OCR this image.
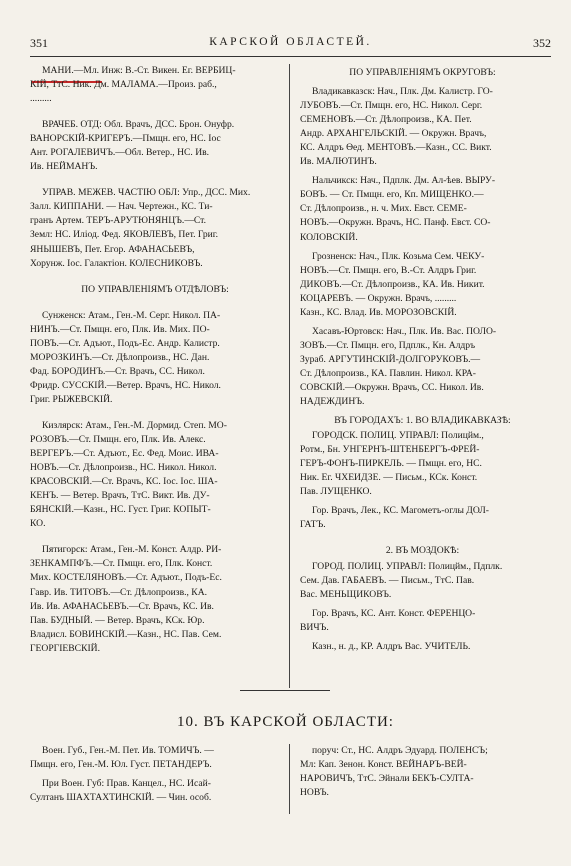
351	КАРСКОЙ ОБЛАСТЕЙ.	352
МАНИ.—Мл. Инж: В.-Ст. Викен. Ег. ВЕРБИЦ-
КІЙ, ТтС. Ник. Дм. МАЛАМА.—Произ. раб.,
.........
ВРАЧЕБ. ОТД: Обл. Врачъ, ДСС. Брон. Онуфр.
ВАНОРСКІЙ-КРИГЕРЪ.—Пмщн. его, НС. Іос
Ант. РОГАЛЕВИЧЪ.—Обл. Ветер., НС. Ив.
Ив. НЕЙМАНЪ.
УПРАВ. МЕЖЕВ. ЧАСТІЮ ОБЛ: Упр., ДСС. Мих.
Залл. КИППАНИ. — Нач. Чертежн., КС. Ти-
гранъ Артем. ТЕРЪ-АРУТЮНЯНЦЪ.—Ст.
Земл: НС. Иліод. Фед. ЯКОВЛЕВЪ, Пет. Григ.
ЯНЫШЕВЪ, Пет. Егор. АФАНАСЬЕВЪ,
Хорунж. Іос. Галактіон. КОЛЕСНИКОВЪ.
ПО УПРАВЛЕНІЯМЪ ОТДѢЛОВЪ:
Сунженск: Атам., Ген.-М. Серг. Никол. ПА-
НИНЪ.—Ст. Пмщн. его, Плк. Ив. Мих. ПО-
ПОВЪ.—Ст. Адъют., Подъ-Ес. Андр. Калистр.
МОРОЗКИНЪ.—Ст. Дѣлопроизв., НС. Дан.
Фад. БОРОДИНЪ.—Ст. Врачъ, СС. Никол.
Фридр. СУССКІЙ.—Ветер. Врачъ, НС. Никол.
Григ. РЫЖЕВСКІЙ.
Кизлярск: Атам., Ген.-М. Дормид. Степ. МО-
РОЗОВЪ.—Ст. Пмщн. его, Плк. Ив. Алекс.
ВЕРГЕРЪ.—Ст. Адъют., Ес. Фед. Моис. ИВА-
НОВЪ.—Ст. Дѣлопроизв., НС. Никол. Никол.
КРАСОВСКІЙ.—Ст. Врачъ, КС. Іос. Іос. ША-
КЕНЪ. — Ветер. Врачъ, ТтС. Викт. Ив. ДУ-
БЯНСКІЙ.—Казн., НС. Густ. Григ. КОПЫТ-
КО.
Пятигорск: Атам., Ген.-М. Конст. Алдр. РИ-
ЗЕНКАМПФЪ.—Ст. Пмщн. его, Плк. Конст.
Мих. КОСТЕЛЯНОВЪ.—Ст. Адъют., Подъ-Ес.
Гавр. Ив. ТИТОВЪ.—Ст. Дѣлопроизв., КА.
Ив. Ив. АФАНАСЬЕВЪ.—Ст. Врачъ, КС. Ив.
Пав. БУДНЫЙ. — Ветер. Врачъ, КСк. Юр.
Владисл. БОВИНСКІЙ.—Казн., НС. Пав. Сем.
ГЕОРГІЕВСКІЙ.
ПО УПРАВЛЕНІЯМЪ ОКРУГОВЪ:
Владикавказск: Нач., Плк. Дм. Калистр. ГО-
ЛУБОВЪ.—Ст. Пмщн. его, НС. Никол. Серг.
СЕМЕНОВЪ.—Ст. Дѣлопроизв., КА. Пет.
Андр. АРХАНГЕЛЬСКІЙ. — Окружн. Врачъ,
КС. Алдръ Ѳед. МЕНТОВЪ.—Казн., СС. Викт.
Ив. МАЛЮТИНЪ.
Нальчикск: Нач., Пдплк. Дм. Ал-ѣев. ВЫРУ-
БОВЪ. — Ст. Пмщн. его, Кп. МИЩЕНКО.—
Ст. Дѣлопроизв., н. ч. Мих. Евст. СЕМЕ-
НОВЪ.—Окружн. Врачъ, НС. Панф. Евст. СО-
КОЛОВСКІЙ.
Грозненск: Нач., Плк. Козьма Сем. ЧЕКУ-
НОВЪ.—Ст. Пмщн. его, В.-Ст. Алдръ Григ.
ДИКОВЪ.—Ст. Дѣлопроизв., КА. Ив. Никит.
КОЦАРЕВЪ. — Окружн. Врачъ, .........
Казн., КС. Влад. Ив. МОРОЗОВСКІЙ.
Хасавъ-Юртовск: Нач., Плк. Ив. Вас. ПОЛО-
ЗОВЪ.—Ст. Пмщн. его, Пдплк., Кн. Алдръ
Зураб. АРГУТИНСКІЙ-ДОЛГОРУКОВЪ.—
Ст. Дѣлопроизв., КА. Павлин. Никол. КРА-
СОВСКІЙ.—Окружн. Врачъ, СС. Никол. Ив.
НАДЕЖДИНЪ.
ВЪ ГОРОДАХЪ: 1. ВО ВЛАДИКАВКАЗѢ:
ГОРОДСК. ПОЛИЦ. УПРАВЛ: Полицйм.,
Ротм., Бн. УНГЕРНЪ-ШТЕНБЕРГЪ-ФРЕЙ-
ГЕРЪ-ФОНЪ-ПИРКЕЛЬ. — Пмщн. его, НС.
Ник. Ег. ЧХЕИДЗЕ. — Письм., КСк. Конст.
Пав. ЛУЩЕНКО.
Гор. Врачъ, Лек., КС. Магометъ-оглы ДОЛ-
ГАТЪ.
2. ВЪ МОЗДОКѢ:
ГОРОД. ПОЛИЦ. УПРАВЛ: Полицйм., Пдплк.
Сем. Дав. ГАБАЕВЪ. — Письм., ТтС. Пав.
Вас. МЕНЬЩИКОВЪ.
Гор. Врачъ, КС. Ант. Конст. ФЕРЕНЦО-
ВИЧЪ.
Казн., н. д., КР. Алдръ Вас. УЧИТЕЛЬ.
10. ВЪ КАРСКОЙ ОБЛАСТИ:
Воен. Губ., Ген.-М. Пет. Ив. ТОМИЧЪ. —
Пмщн. его, Ген.-М. Юл. Густ. ПЕТАНДЕРЪ.
При Воен. Губ: Прав. Канцел., НС. Исай-
Султанъ ШАХТАХТИНСКІЙ. — Чин. особ.
поруч: Ст., НС. Алдръ Эдуард. ПОЛЕНСЪ;
Мл: Кап. Зенон. Конст. ВЕЙНАРЪ-ВЕЙ-
НАРОВИЧЪ, ТтС. Эйнали БЕКЪ-СУЛТА-
НОВЪ.
